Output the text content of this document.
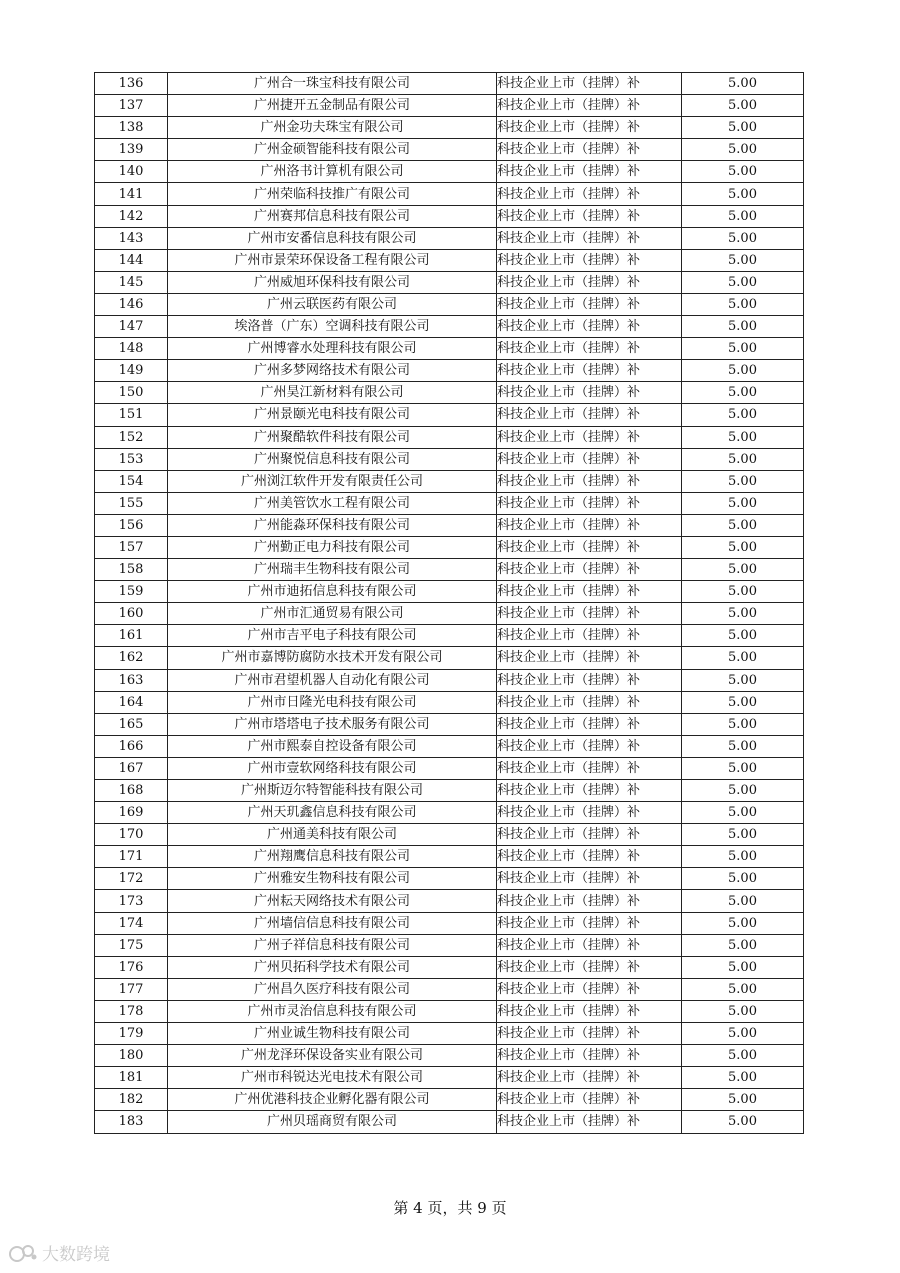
136	广州合一珠宝科技有限公司	科技企业上市（挂牌）补	5.00
137	广州捷开五金制品有限公司	科技企业上市（挂牌）补	5.00
138	广州金功夫珠宝有限公司	科技企业上市（挂牌）补	5.00
139	广州金硕智能科技有限公司	科技企业上市（挂牌）补	5.00
140	广州洛书计算机有限公司	科技企业上市（挂牌）补	5.00
141	广州荣临科技推广有限公司	科技企业上市（挂牌）补	5.00
142	广州赛邦信息科技有限公司	科技企业上市（挂牌）补	5.00
143	广州市安番信息科技有限公司	科技企业上市（挂牌）补	5.00
144	广州市景荣环保设备工程有限公司	科技企业上市（挂牌）补	5.00
145	广州威旭环保科技有限公司	科技企业上市（挂牌）补	5.00
146	广州云联医药有限公司	科技企业上市（挂牌）补	5.00
147	埃洛普（广东）空调科技有限公司	科技企业上市（挂牌）补	5.00
148	广州博睿水处理科技有限公司	科技企业上市（挂牌）补	5.00
149	广州多梦网络技术有限公司	科技企业上市（挂牌）补	5.00
150	广州昊江新材料有限公司	科技企业上市（挂牌）补	5.00
151	广州景颐光电科技有限公司	科技企业上市（挂牌）补	5.00
152	广州聚酷软件科技有限公司	科技企业上市（挂牌）补	5.00
153	广州聚悦信息科技有限公司	科技企业上市（挂牌）补	5.00
154	广州浏江软件开发有限责任公司	科技企业上市（挂牌）补	5.00
155	广州美管饮水工程有限公司	科技企业上市（挂牌）补	5.00
156	广州能淼环保科技有限公司	科技企业上市（挂牌）补	5.00
157	广州勤正电力科技有限公司	科技企业上市（挂牌）补	5.00
158	广州瑞丰生物科技有限公司	科技企业上市（挂牌）补	5.00
159	广州市迪拓信息科技有限公司	科技企业上市（挂牌）补	5.00
160	广州市汇通贸易有限公司	科技企业上市（挂牌）补	5.00
161	广州市吉平电子科技有限公司	科技企业上市（挂牌）补	5.00
162	广州市嘉博防腐防水技术开发有限公司	科技企业上市（挂牌）补	5.00
163	广州市君望机器人自动化有限公司	科技企业上市（挂牌）补	5.00
164	广州市日隆光电科技有限公司	科技企业上市（挂牌）补	5.00
165	广州市塔塔电子技术服务有限公司	科技企业上市（挂牌）补	5.00
166	广州市熙泰自控设备有限公司	科技企业上市（挂牌）补	5.00
167	广州市壹软网络科技有限公司	科技企业上市（挂牌）补	5.00
168	广州斯迈尔特智能科技有限公司	科技企业上市（挂牌）补	5.00
169	广州天玑鑫信息科技有限公司	科技企业上市（挂牌）补	5.00
170	广州通美科技有限公司	科技企业上市（挂牌）补	5.00
171	广州翔鹰信息科技有限公司	科技企业上市（挂牌）补	5.00
172	广州雅安生物科技有限公司	科技企业上市（挂牌）补	5.00
173	广州耘天网络技术有限公司	科技企业上市（挂牌）补	5.00
174	广州墙信信息科技有限公司	科技企业上市（挂牌）补	5.00
175	广州子祥信息科技有限公司	科技企业上市（挂牌）补	5.00
176	广州贝拓科学技术有限公司	科技企业上市（挂牌）补	5.00
177	广州昌久医疗科技有限公司	科技企业上市（挂牌）补	5.00
178	广州市灵治信息科技有限公司	科技企业上市（挂牌）补	5.00
179	广州业诚生物科技有限公司	科技企业上市（挂牌）补	5.00
180	广州龙泽环保设备实业有限公司	科技企业上市（挂牌）补	5.00
181	广州市科锐达光电技术有限公司	科技企业上市（挂牌）补	5.00
182	广州优港科技企业孵化器有限公司	科技企业上市（挂牌）补	5.00
183	广州贝瑶商贸有限公司	科技企业上市（挂牌）补	5.00
第 4 页，共 9 页
大数跨境
